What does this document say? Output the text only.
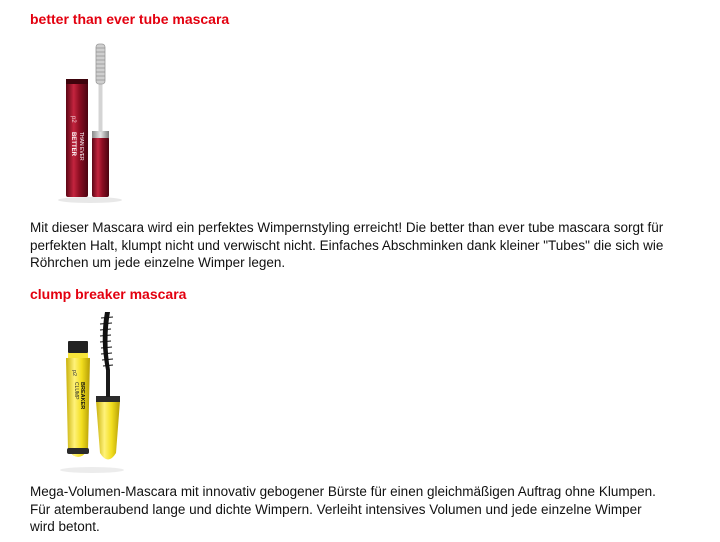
better than ever tube mascara
p2
BETTER THAN EVER

Mit dieser Mascara wird ein perfektes Wimpernstyling erreicht! Die better than ever tube mascara sorgt für perfekten Halt, klumpt nicht und verwischt nicht. Einfaches Abschminken dank kleiner "Tubes" die sich wie Röhrchen um jede einzelne Wimper legen.

clump breaker mascara
p2
CLUMP BREAKER

Mega-Volumen-Mascara mit innovativ gebogener Bürste für einen gleichmäßigen Auftrag ohne Klumpen. Für atemberaubend lange und dichte Wimpern. Verleiht intensives Volumen und jede einzelne Wimper wird betont.
